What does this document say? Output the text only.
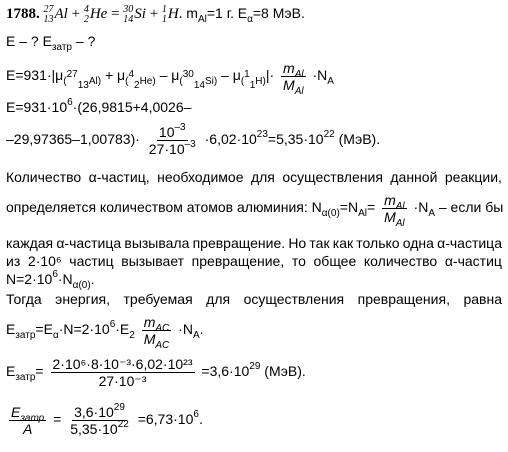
1788. 27
13 Al + 4
2 He = 30
14 Si + 1
1 H. $m_{Al}=1$ г. $E_\alpha=8$ МэВ.
E – ? $E_{затр}$ – ?
$E=931\cdot|\mu_{(^{27}_{13}Al)} + \mu_{(^4_2He)} - \mu_{(^{30}_{14}Si)} - \mu_{(^1_1H)}|\cdot \frac{m_{Al}}{M_{Al}} \cdot N_A$
$E=931\cdot 10^6\cdot(26,9815+4,0026-$
$-29,97365-1,00783)\cdot \frac{10^{-3}}{27\cdot 10^{-3}} \cdot 6,02\cdot 10^{23}=5,35\cdot 10^{22}$ (МэВ).
Количество α-частиц, необходимое для осуществления данной реакции,
определяется количеством атомов алюминия: $N_{\alpha(0)}=N_{Al}= \frac{m_{Al}}{M_{Al}} \cdot N_A$ – если бы
каждая α-частица вызывала превращение. Но так как только одна α-частица
из 2·10⁶ частиц вызывает превращение, то общее количество α-частиц
$N=2\cdot 10^6\cdot N_{\alpha(0)}$.
Тогда энергия, требуемая для осуществления превращения, равна
$E_{затр}=E_\alpha\cdot N=2\cdot 10^6\cdot E_2 \frac{m_{AC}}{M_{AC}} \cdot N_A$.
$E_{затр}= \frac{\text{2·10⁶·8·10⁻³·6,02·10²³}}{\text{27·10⁻³}} =3,6\cdot 10^{29}$ (МэВ).
$\frac{E_{затр}}{A} = \frac{3,6\cdot 10^{29}}{5,35\cdot 10^{22}} =6,73\cdot 10^6$.
